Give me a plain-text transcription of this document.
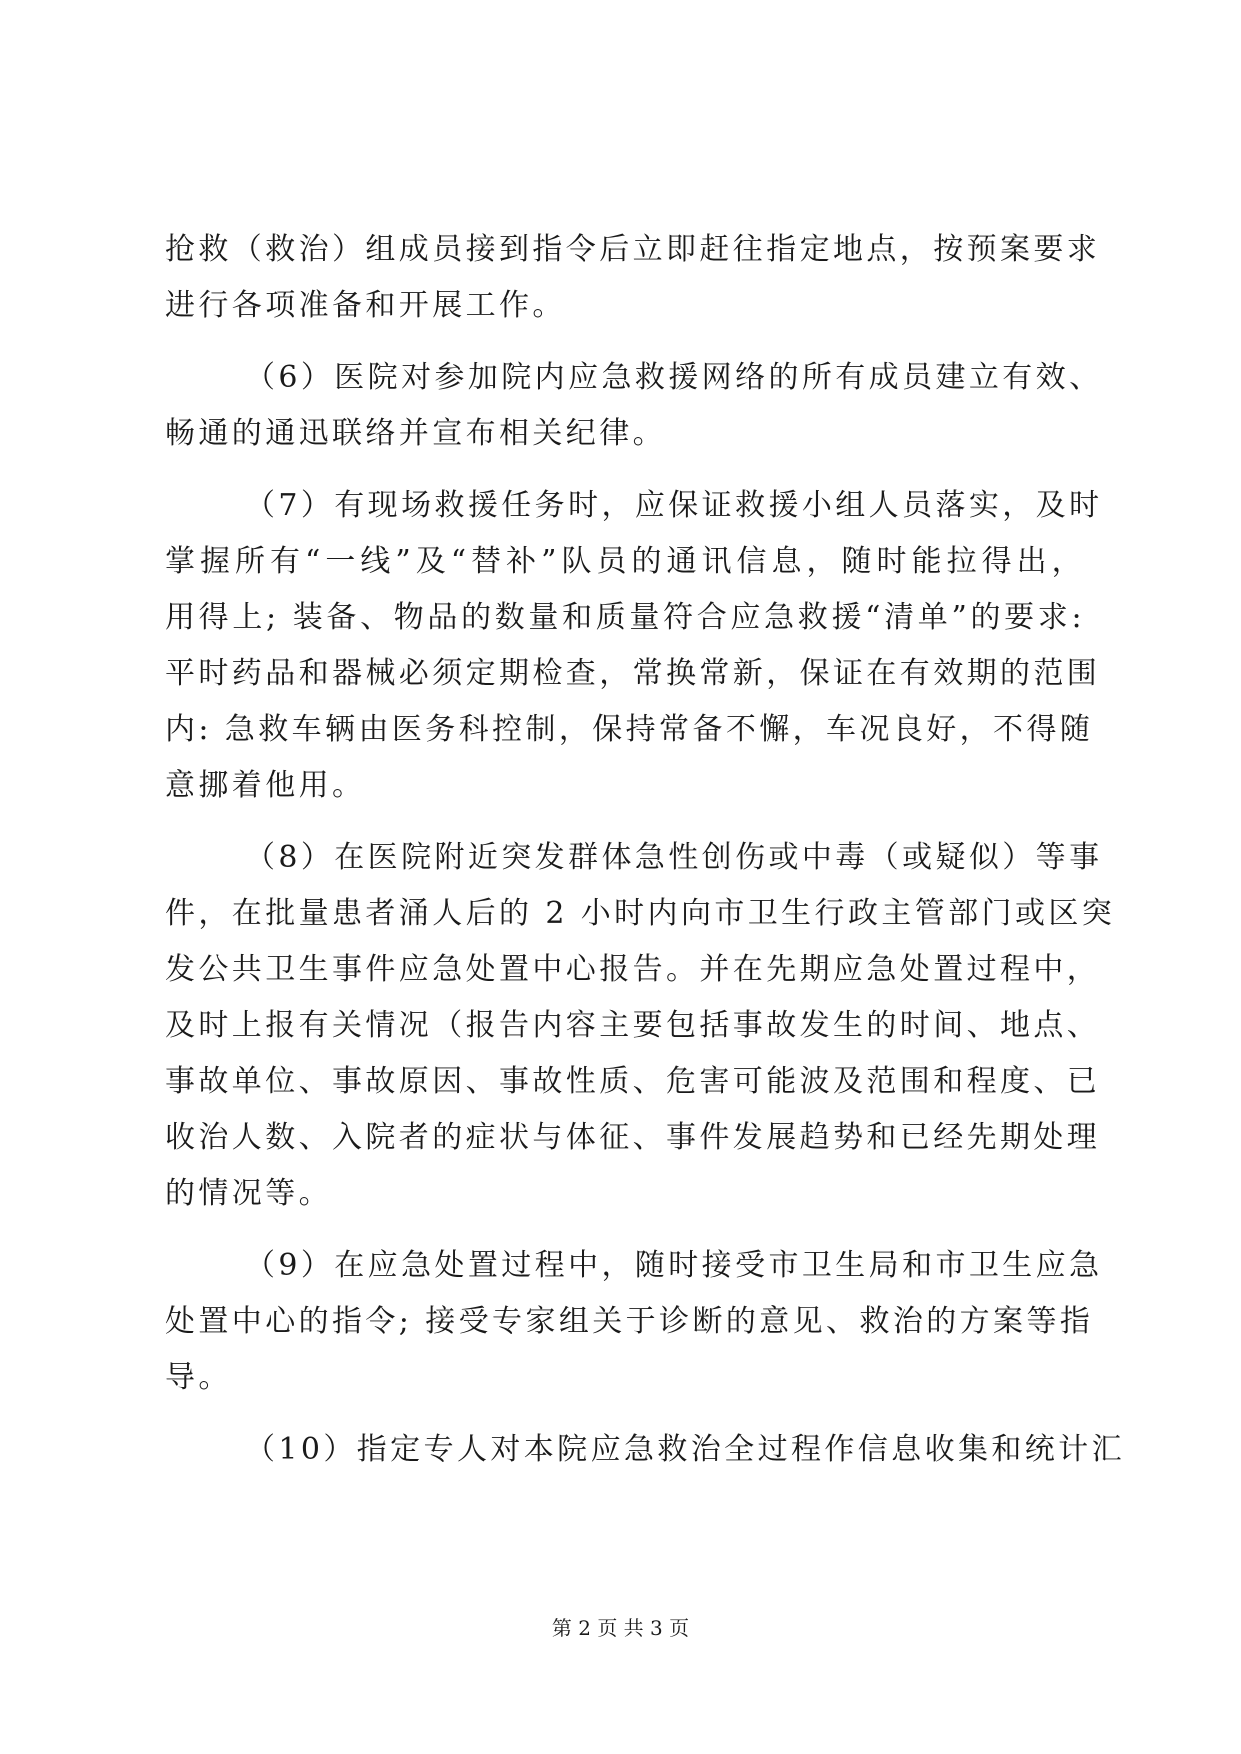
抢救（救治）组成员接到指令后立即赶往指定地点，按预案要求
进行各项准备和开展工作。
（6）医院对参加院内应急救援网络的所有成员建立有效、
畅通的通迅联络并宣布相关纪律。
（7）有现场救援任务时，应保证救援小组人员落实，及时
掌握所有“一线”及“替补”队员的通讯信息，随时能拉得出，
用得上; 装备、物品的数量和质量符合应急救援“清单”的要求:
平时药品和器械必须定期检查，常换常新，保证在有效期的范围
内: 急救车辆由医务科控制，保持常备不懈，车况良好，不得随
意挪着他用。
（8）在医院附近突发群体急性创伤或中毒（或疑似）等事
件，在批量患者涌人后的 2 小时内向市卫生行政主管部门或区突
发公共卫生事件应急处置中心报告。并在先期应急处置过程中，
及时上报有关情况（报告内容主要包括事故发生的时间、地点、
事故单位、事故原因、事故性质、危害可能波及范围和程度、已
收治人数、入院者的症状与体征、事件发展趋势和已经先期处理
的情况等。
（9）在应急处置过程中，随时接受市卫生局和市卫生应急
处置中心的指令; 接受专家组关于诊断的意见、救治的方案等指
导。
（10）指定专人对本院应急救治全过程作信息收集和统计汇
第 2 页 共 3 页
